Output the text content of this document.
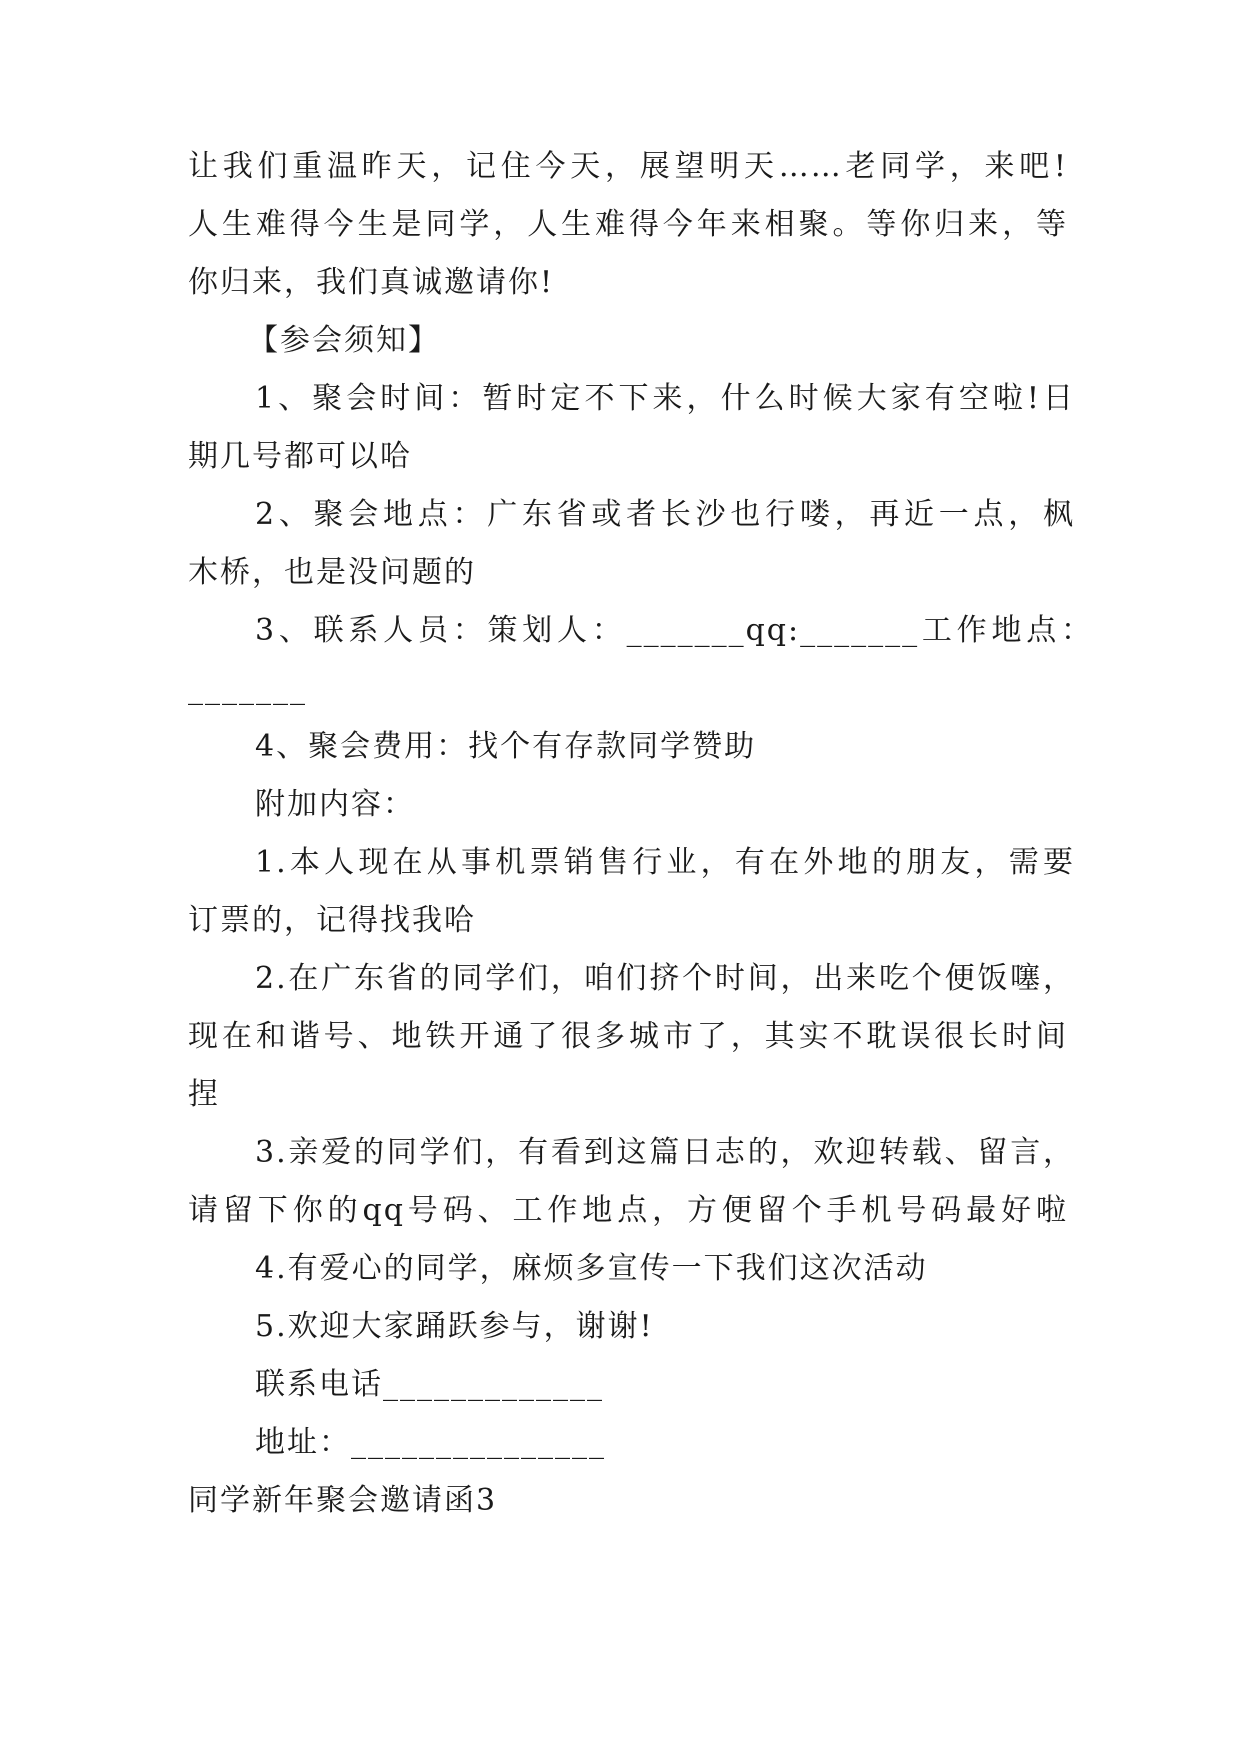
让我们重温昨天，记住今天，展望明天……老同学，来吧!
人生难得今生是同学，人生难得今年来相聚。等你归来，等
你归来，我们真诚邀请你!
【参会须知】
1、聚会时间：暂时定不下来，什么时候大家有空啦!日
期几号都可以哈
2、聚会地点：广东省或者长沙也行喽，再近一点，枫
木桥，也是没问题的
3、联系人员：策划人：_______qq:_______工作地点：
_______
4、聚会费用：找个有存款同学赞助
附加内容：
1.本人现在从事机票销售行业，有在外地的朋友，需要
订票的，记得找我哈
2.在广东省的同学们，咱们挤个时间，出来吃个便饭噻，
现在和谐号、地铁开通了很多城市了，其实不耽误很长时间
捏
3.亲爱的同学们，有看到这篇日志的，欢迎转载、留言，
请留下你的qq号码、工作地点，方便留个手机号码最好啦
4.有爱心的同学，麻烦多宣传一下我们这次活动
5.欢迎大家踊跃参与，谢谢!
联系电话_____________
地址：_______________
同学新年聚会邀请函3
